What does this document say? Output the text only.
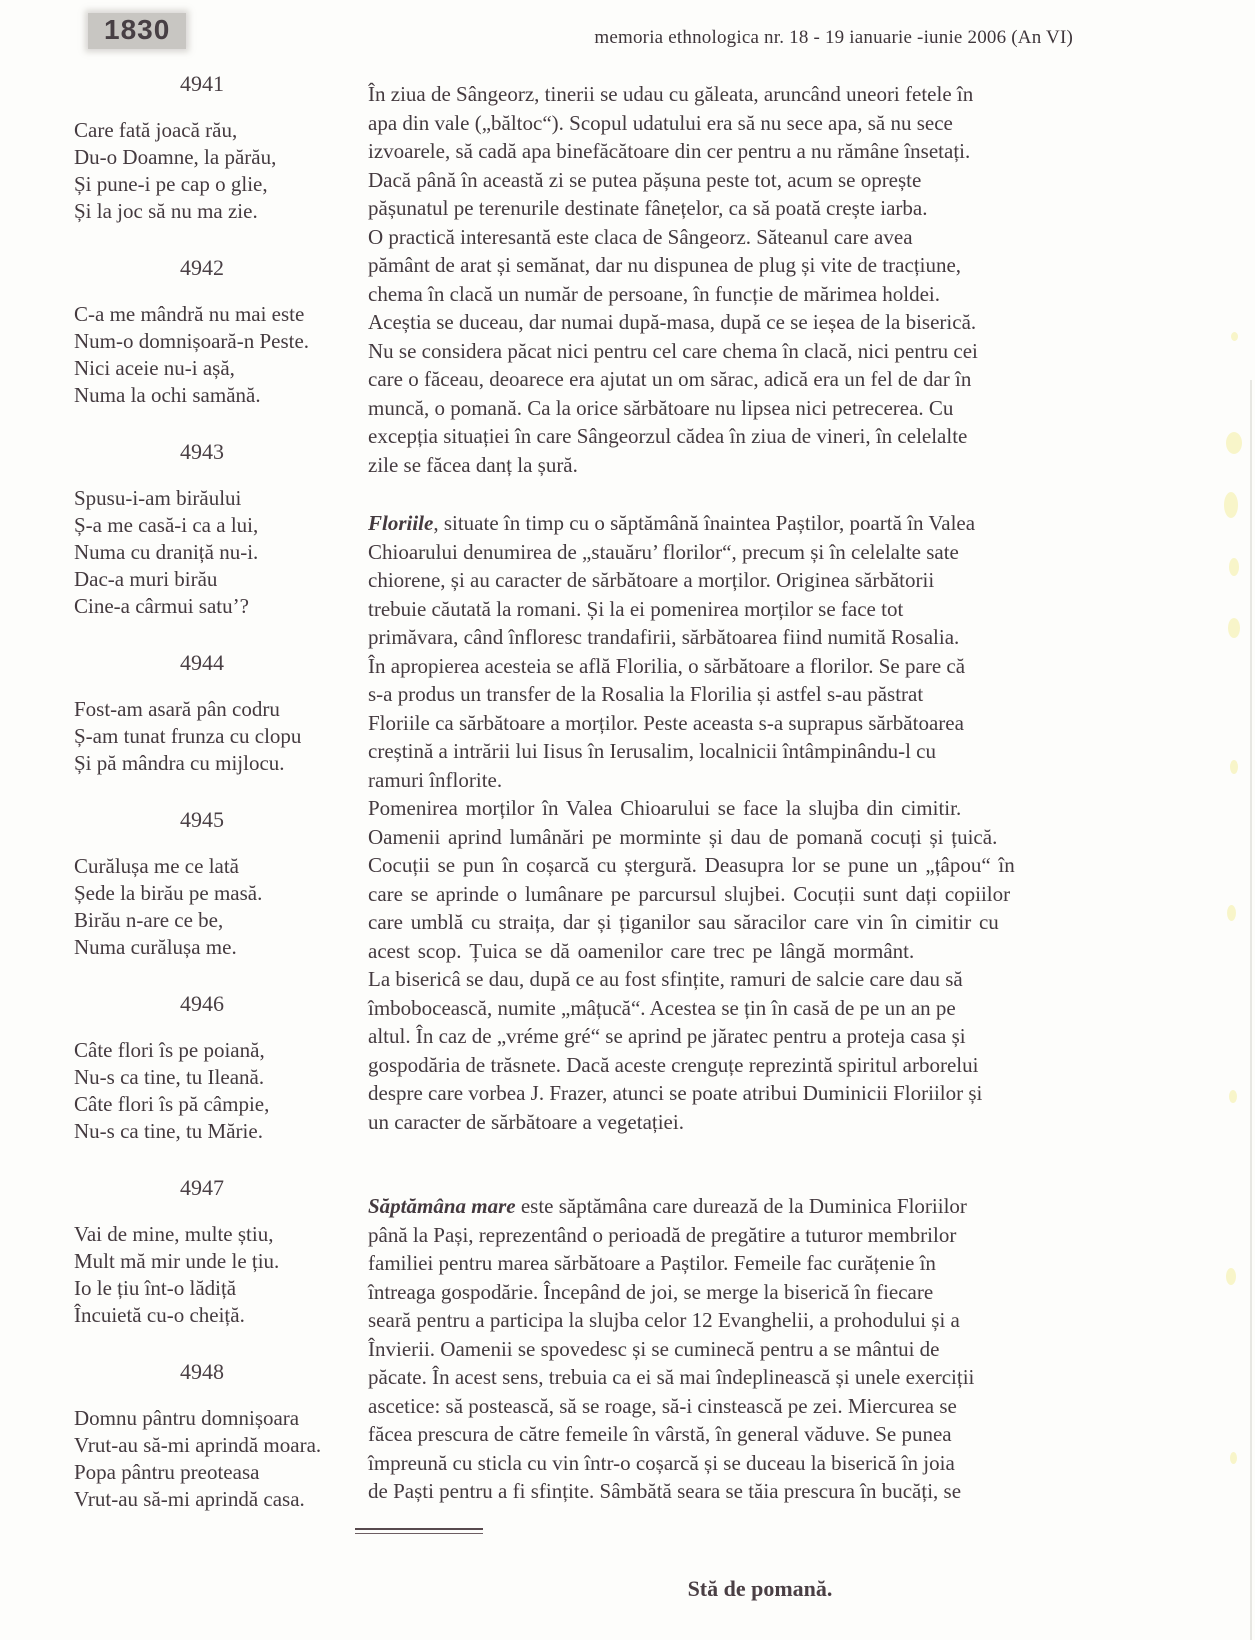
1830	memoria ethnologica nr. 18 - 19 ianuarie -iunie 2006 (An VI)
4941
Care fată joacă rău,
Du-o Doamne, la părău,
Și pune-i pe cap o glie,
Și la joc să nu ma zie.
4942
C-a me mândră nu mai este
Num-o domnișoară-n Peste.
Nici aceie nu-i așă,
Numa la ochi samănă.
4943
Spusu-i-am birăului
Ș-a me casă-i ca a lui,
Numa cu draniță nu-i.
Dac-a muri birău
Cine-a cârmui satu’?
4944
Fost-am asară pân codru
Ș-am tunat frunza cu clopu
Și pă mândra cu mijlocu.
4945
Curălușa me ce lată
Șede la birău pe masă.
Birău n-are ce be,
Numa curălușa me.
4946
Câte flori îs pe poiană,
Nu-s ca tine, tu Ileană.
Câte flori îs pă câmpie,
Nu-s ca tine, tu Mărie.
4947
Vai de mine, multe știu,
Mult mă mir unde le țiu.
Io le țiu înt-o lădiță
Încuietă cu-o cheiță.
4948
Domnu pântru domnișoara
Vrut-au să-mi aprindă moara.
Popa pântru preoteasa
Vrut-au să-mi aprindă casa.
În ziua de Sângeorz, tinerii se udau cu găleata, aruncând uneori fetele în
apa din vale („băltoc“). Scopul udatului era să nu sece apa, să nu sece
izvoarele, să cadă apa binefăcătoare din cer pentru a nu rămâne însetați.
Dacă până în această zi se putea pășuna peste tot, acum se oprește
pășunatul pe terenurile destinate fânețelor, ca să poată crește iarba.
O practică interesantă este claca de Sângeorz. Săteanul care avea
pământ de arat și semănat, dar nu dispunea de plug și vite de tracțiune,
chema în clacă un număr de persoane, în funcție de mărimea holdei.
Aceștia se duceau, dar numai după-masa, după ce se ieșea de la biserică.
Nu se considera păcat nici pentru cel care chema în clacă, nici pentru cei
care o făceau, deoarece era ajutat un om sărac, adică era un fel de dar în
muncă, o pomană. Ca la orice sărbătoare nu lipsea nici petrecerea. Cu
excepția situației în care Sângeorzul cădea în ziua de vineri, în celelalte
zile se făcea danț la șură.
Floriile, situate în timp cu o săptămână înaintea Paștilor, poartă în Valea
Chioarului denumirea de „stauăru’ florilor“, precum și în celelalte sate
chiorene, și au caracter de sărbătoare a morților. Originea sărbătorii
trebuie căutată la romani. Și la ei pomenirea morților se face tot
primăvara, când înfloresc trandafirii, sărbătoarea fiind numită Rosalia.
În apropierea acesteia se află Florilia, o sărbătoare a florilor. Se pare că
s-a produs un transfer de la Rosalia la Florilia și astfel s-au păstrat
Floriile ca sărbătoare a morților. Peste aceasta s-a suprapus sărbătoarea
creștină a intrării lui Iisus în Ierusalim, localnicii întâmpinându-l cu
ramuri înflorite.
Pomenirea morților în Valea Chioarului se face la slujba din cimitir.
Oamenii aprind lumânări pe morminte și dau de pomană cocuți și țuică.
Cocuții se pun în coșarcă cu ștergură. Deasupra lor se pune un „țâpou“ în
care se aprinde o lumânare pe parcursul slujbei. Cocuții sunt dați copiilor
care umblă cu straița, dar și țiganilor sau săracilor care vin în cimitir cu
acest scop. Țuica se dă oamenilor care trec pe lângă mormânt.
La bisericâ se dau, după ce au fost sfințite, ramuri de salcie care dau să
îmbobocească, numite „mâțucă“. Acestea se țin în casă de pe un an pe
altul. În caz de „vréme gré“ se aprind pe jăratec pentru a proteja casa și
gospodăria de trăsnete. Dacă aceste crenguțe reprezintă spiritul arborelui
despre care vorbea J. Frazer, atunci se poate atribui Duminicii Floriilor și
un caracter de sărbătoare a vegetației.
Săptămâna mare este săptămâna care durează de la Duminica Floriilor
până la Pași, reprezentând o perioadă de pregătire a tuturor membrilor
familiei pentru marea sărbătoare a Paștilor. Femeile fac curățenie în
întreaga gospodărie. Începând de joi, se merge la biserică în fiecare
seară pentru a participa la slujba celor 12 Evanghelii, a prohodului și a
Învierii. Oamenii se spovedesc și se cuminecă pentru a se mântui de
păcate. În acest sens, trebuia ca ei să mai îndeplinească și unele exerciții
ascetice: să postească, să se roage, să-i cinstească pe zei. Miercurea se
făcea prescura de către femeile în vârstă, în general văduve. Se punea
împreună cu sticla cu vin într-o coșarcă și se duceau la biserică în joia
de Paști pentru a fi sfințite. Sâmbătă seara se tăia prescura în bucăți, se
Stă de pomană.
